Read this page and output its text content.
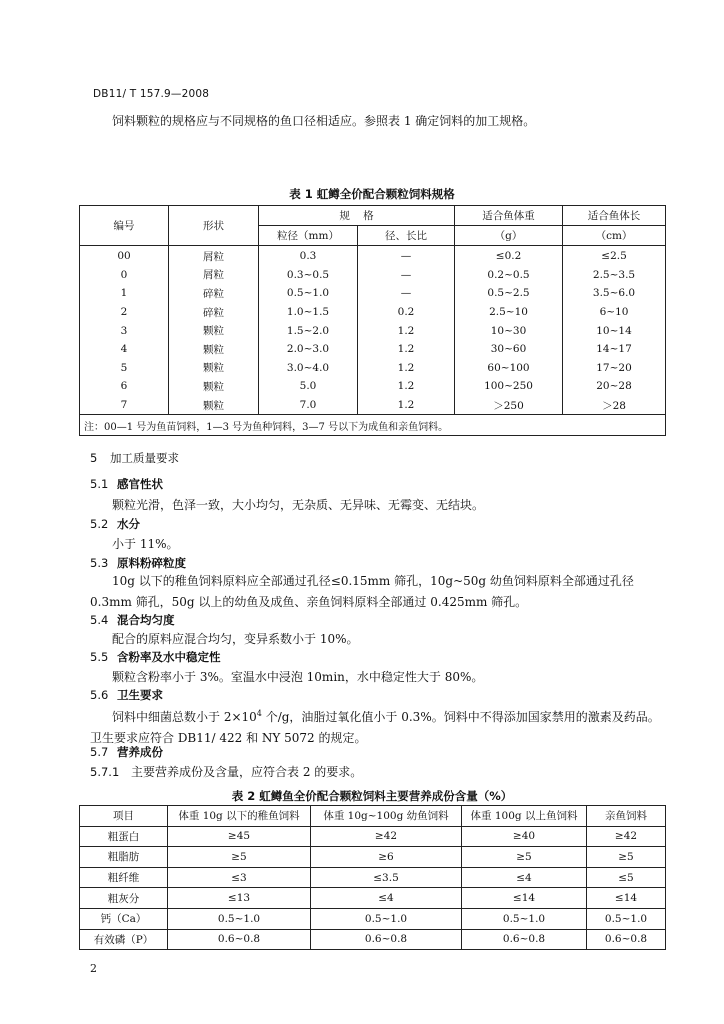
DB11/ T 157.9—2008
饲料颗粒的规格应与不同规格的鱼口径相适应。参照表 1 确定饲料的加工规格。
表 1 虹鳟全价配合颗粒饲料规格
编号	形状	规    格		适合鱼体重	适合鱼体长
		粒径（mm）	径、长比	（g）	（cm）
00	屑粒	0.3	—	≤0.2	≤2.5
0	屑粒	0.3~0.5	—	0.2~0.5	2.5~3.5
1	碎粒	0.5~1.0	—	0.5~2.5	3.5~6.0
2	碎粒	1.0~1.5	0.2	2.5~10	6~10
3	颗粒	1.5~2.0	1.2	10~30	10~14
4	颗粒	2.0~3.0	1.2	30~60	14~17
5	颗粒	3.0~4.0	1.2	60~100	17~20
6	颗粒	5.0	1.2	100~250	20~28
7	颗粒	7.0	1.2	＞250	＞28
注：00—1 号为鱼苗饲料，1—3 号为鱼种饲料，3—7 号以下为成鱼和亲鱼饲料。					
5 加工质量要求
5.1 感官性状
颗粒光滑，色泽一致，大小均匀，无杂质、无异味、无霉变、无结块。
5.2 水分
小于 11%。
5.3 原料粉碎粒度
10g 以下的稚鱼饲料原料应全部通过孔径≤0.15mm 筛孔，10g~50g 幼鱼饲料原料全部通过孔径 0.3mm 筛孔，50g 以上的幼鱼及成鱼、亲鱼饲料原料全部通过 0.425mm 筛孔。
5.4 混合均匀度
配合的原料应混合均匀，变异系数小于 10%。
5.5 含粉率及水中稳定性
颗粒含粉率小于 3%。室温水中浸泡 10min，水中稳定性大于 80%。
5.6 卫生要求
饲料中细菌总数小于 $2\times 10^4$ 个/g，油脂过氧化值小于 0.3%。饲料中不得添加国家禁用的激素及药品。卫生要求应符合 DB11/ 422 和 NY 5072 的规定。
5.7 营养成份
5.7.1 主要营养成份及含量，应符合表 2 的要求。
表 2 虹鳟鱼全价配合颗粒饲料主要营养成份含量（%）
项目	体重 10g 以下的稚鱼饲料	体重 10g~100g 幼鱼饲料	体重 100g 以上鱼饲料	亲鱼饲料
粗蛋白	≥45	≥42	≥40	≥42
粗脂肪	≥5	≥6	≥5	≥5
粗纤维	≤3	≤3.5	≤4	≤5
粗灰分	≤13	≤4	≤14	≤14
钙（Ca）	0.5~1.0	0.5~1.0	0.5~1.0	0.5~1.0
有效磷（P）	0.6~0.8	0.6~0.8	0.6~0.8	0.6~0.8
2
